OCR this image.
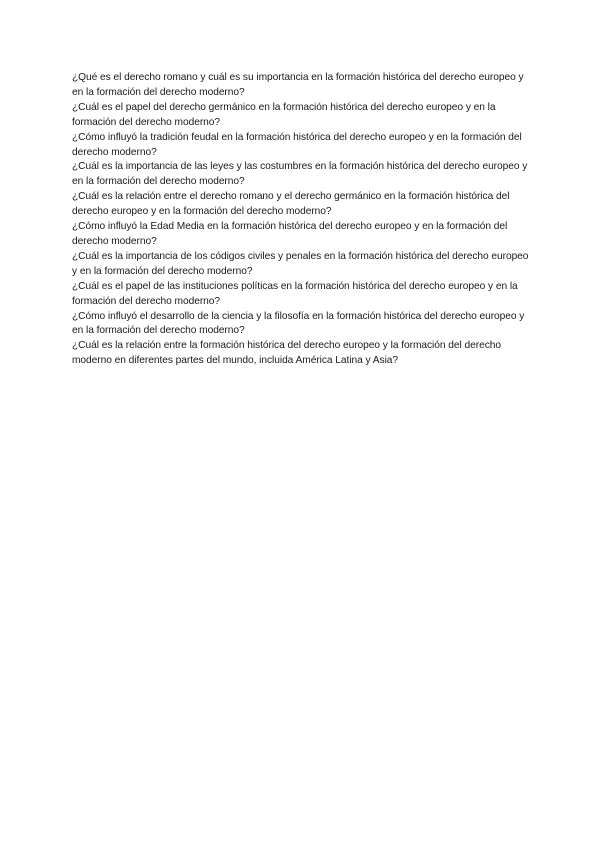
¿Qué es el derecho romano y cuál es su importancia en la formación histórica del derecho europeo y en la formación del derecho moderno?
¿Cuál es el papel del derecho germánico en la formación histórica del derecho europeo y en la formación del derecho moderno?
¿Cómo influyó la tradición feudal en la formación histórica del derecho europeo y en la formación del derecho moderno?
¿Cuál es la importancia de las leyes y las costumbres en la formación histórica del derecho europeo y en la formación del derecho moderno?
¿Cuál es la relación entre el derecho romano y el derecho germánico en la formación histórica del derecho europeo y en la formación del derecho moderno?
¿Cómo influyó la Edad Media en la formación histórica del derecho europeo y en la formación del derecho moderno?
¿Cuál es la importancia de los códigos civiles y penales en la formación histórica del derecho europeo y en la formación del derecho moderno?
¿Cuál es el papel de las instituciones políticas en la formación histórica del derecho europeo y en la formación del derecho moderno?
¿Cómo influyó el desarrollo de la ciencia y la filosofía en la formación histórica del derecho europeo y en la formación del derecho moderno?
¿Cuál es la relación entre la formación histórica del derecho europeo y la formación del derecho moderno en diferentes partes del mundo, incluida América Latina y Asia?
